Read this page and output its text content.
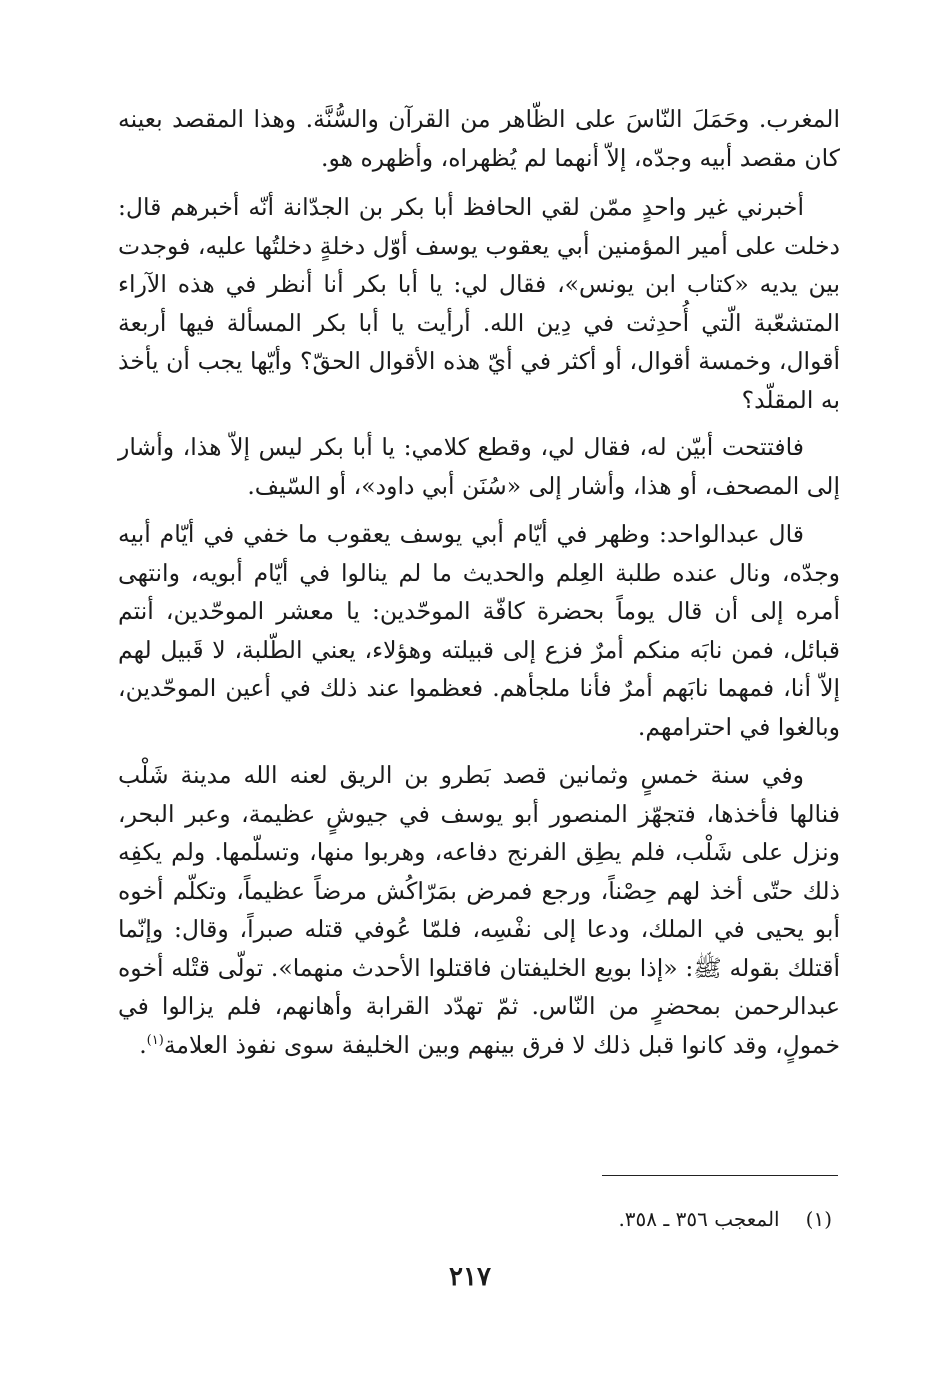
المغرب. وحَمَلَ النّاسَ على الظّاهر من القرآن والسُّنَّة. وهذا المقصد بعينه كان مقصد أبيه وجدّه، إلاّ أنهما لم يُظهراه، وأظهره هو.

أخبرني غير واحدٍ ممّن لقي الحافظ أبا بكر بن الجدّانة أنّه أخبرهم قال: دخلت على أمير المؤمنين أبي يعقوب يوسف أوّل دخلةٍ دخلتُها عليه، فوجدت بين يديه «كتاب ابن يونس»، فقال لي: يا أبا بكر أنا أنظر في هذه الآراء المتشعّبة الّتي أُحدِثت في دِين الله. أرأيت يا أبا بكر المسألة فيها أربعة أقوال، وخمسة أقوال، أو أكثر في أيّ هذه الأقوال الحقّ؟ وأيّها يجب أن يأخذ به المقلّد؟

فافتتحت أبيّن له، فقال لي، وقطع كلامي: يا أبا بكر ليس إلاّ هذا، وأشار إلى المصحف، أو هذا، وأشار إلى «سُنَن أبي داود»، أو السّيف.

قال عبدالواحد: وظهر في أيّام أبي يوسف يعقوب ما خفي في أيّام أبيه وجدّه، ونال عنده طلبة العِلم والحديث ما لم ينالوا في أيّام أبويه، وانتهى أمره إلى أن قال يوماً بحضرة كافّة الموحّدين: يا معشر الموحّدين، أنتم قبائل، فمن نابَه منكم أمرٌ فزع إلى قبيلته وهؤلاء، يعني الطّلبة، لا قَبيل لهم إلاّ أنا، فمهما نابَهم أمرٌ فأنا ملجأهم. فعظموا عند ذلك في أعين الموحّدين، وبالغوا في احترامهم.

وفي سنة خمسٍ وثمانين قصد بَطرو بن الريق لعنه الله مدينة شَلْب فنالها فأخذها، فتجهّز المنصور أبو يوسف في جيوشٍ عظيمة، وعبر البحر، ونزل على شَلْب، فلم يطِق الفرنج دفاعه، وهربوا منها، وتسلّمها. ولم يكفِه ذلك حتّى أخذ لهم حِصْناً، ورجع فمرض بمَرّاكُش مرضاً عظيماً، وتكلّم أخوه أبو يحيى في الملك، ودعا إلى نفْسِه، فلمّا عُوفي قتله صبراً، وقال: وإنّما أقتلك بقوله ﷺ: «إذا بويع الخليفتان فاقتلوا الأحدث منهما». تولّى قتْله أخوه عبدالرحمن بمحضرٍ من النّاس. ثمّ تهدّد القرابة وأهانهم، فلم يزالوا في خمولٍ، وقد كانوا قبل ذلك لا فرق بينهم وبين الخليفة سوى نفوذ العلامة$^{(١)}$.

(١)المعجب ٣٥٦ ـ ٣٥٨.
٢١٧
